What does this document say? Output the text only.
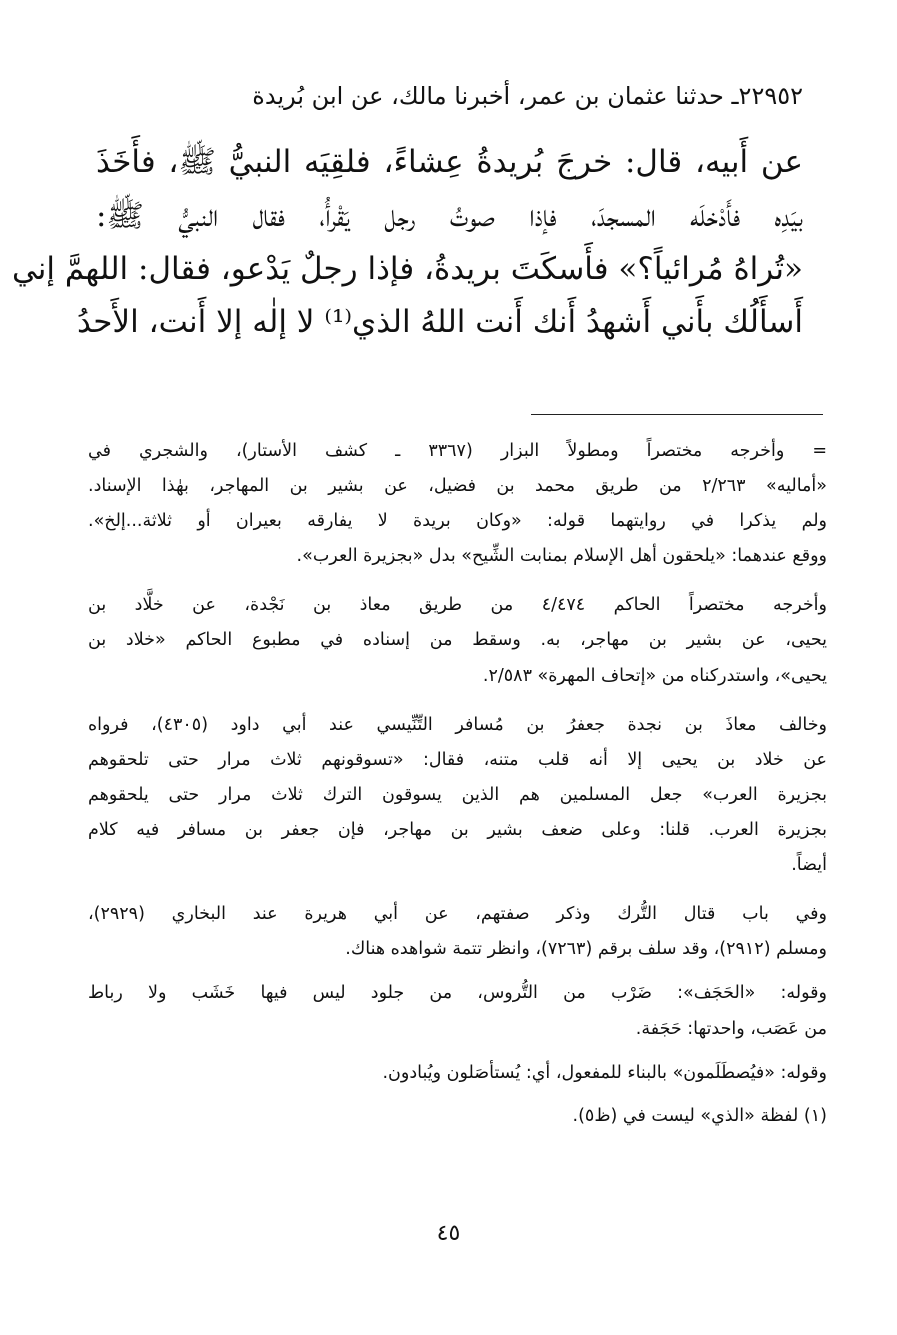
٢٢٩٥٢ـ حدثنا عثمان بن عمر، أخبرنا مالك، عن ابن بُريدة
عن أَبيه، قال: خرجَ بُريدةُ عِشاءً، فلقِيَه النبيُّ ﷺ، فأَخَذَ
بيَدِه فأَدْخلَه المسجدَ، فإذا صوتُ رجل يَقْرأُ، فقال النبيُّ ﷺ:
«تُراهُ مُرائياً؟» فأَسكَتَ بريدةُ، فإذا رجلٌ يَدْعو، فقال: اللهمَّ إني
أَسأَلُك بأَني أَشهدُ أَنك أَنت اللهُ الذي⁽¹⁾ لا إلٰه إلا أَنت، الأَحدُ
= وأخرجه مختصراً ومطولاً البزار (٣٣٦٧ ـ كشف الأستار)، والشجري في
«أماليه» ٢/٢٦٣ من طريق محمد بن فضيل، عن بشير بن المهاجر، بهٰذا الإسناد.
ولم يذكرا في روايتهما قوله: «وكان بريدة لا يفارقه بعيران أو ثلاثة...إلخ».
ووقع عندهما: «يلحقون أهل الإسلام بمنابت الشِّيح» بدل «بجزيرة العرب».
وأخرجه مختصراً الحاكم ٤/٤٧٤ من طريق معاذ بن نَجْدة، عن خلَّاد بن
يحيى، عن بشير بن مهاجر، به. وسقط من إسناده في مطبوع الحاكم «خلاد بن
يحيى»، واستدركناه من «إتحاف المهرة» ٢/٥٨٣.
وخالف معاذَ بن نجدة جعفرُ بن مُسافر التِّنِّيسي عند أبي داود (٤٣٠٥)، فرواه
عن خلاد بن يحيى إلا أنه قلب متنه، فقال: «تسوقونهم ثلاث مرار حتى تلحقوهم
بجزيرة العرب» جعل المسلمين هم الذين يسوقون الترك ثلاث مرار حتى يلحقوهم
بجزيرة العرب. قلنا: وعلى ضعف بشير بن مهاجر، فإن جعفر بن مسافر فيه كلام
أيضاً.
وفي باب قتال التُّرك وذكر صفتهم، عن أبي هريرة عند البخاري (٢٩٢٩)،
ومسلم (٢٩١٢)، وقد سلف برقم (٧٢٦٣)، وانظر تتمة شواهده هناك.
وقوله: «الحَجَف»: ضَرْب من التُّروس، من جلود ليس فيها خَشَب ولا رباط
من عَصَب، واحدتها: حَجَفة.
وقوله: «فيُصطَلَمون» بالبناء للمفعول، أي: يُستأصَلون ويُبادون.
(١) لفظة «الذي» ليست في (ظ٥).
٤٥
